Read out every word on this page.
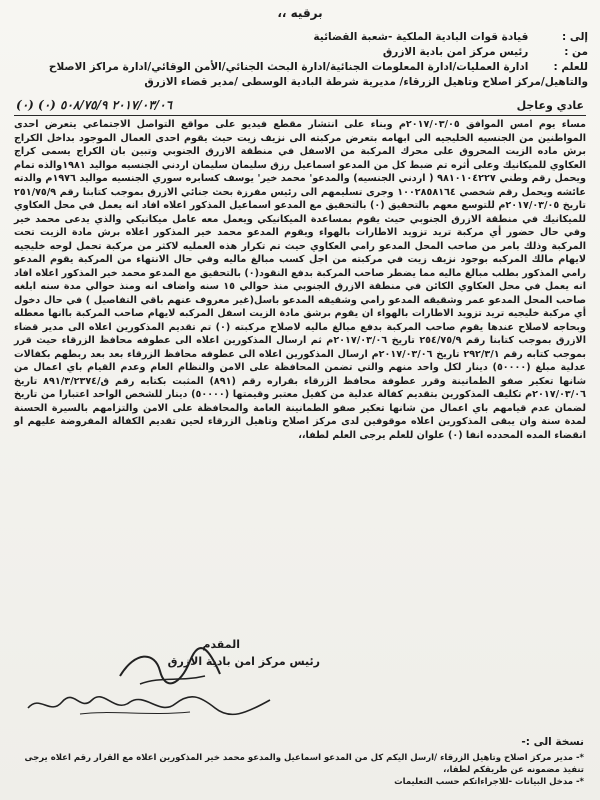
برقيه ،،
إلى : قيادة قوات البادية الملكية -شعبة القضائية
من : رئيس مركز امن بادية الازرق
للعلم : ادارة العمليات/ادارة المعلومات الجنائية/ادارة البحث الجنائي/الأمن الوقائي/ادارة مراكز الاصلاح والتاهيل/مركز اصلاح وتاهيل الزرقاء/ مديرية شرطة البادية الوسطى /مدير قضاء الازرق
عادي وعاجل
(٠) ٢٠١٧/٠٣/٠٦ ٥٠٨/٧٥/٩ (٠)
مساء يوم امس الموافق ٢٠١٧/٠٣/٠٥م وبناء على انتشار مقطع فيديو على مواقع التواصل الاجتماعي يتعرض احدى المواطنين من الجنسيه الخليجيه الى ابهامه بتعرض مركبته الى نزيف زيت حيث يقوم احدى العمال الموجود بداخل الكراج برش ماده الزيت المحروق على محرك المركبة من الاسفل في منطقة الازرق الجنوبي وتبين بان الكراج يسمى كراج العكاوي للميكانيك وعلى أثره تم ضبط كل من المدعو اسماعيل رزق سليمان سليمان اردني الجنسيه مواليد ١٩٨١والذه تمام ويحمل رقم وطني ٩٨١٠١٠٤٢٢٧ ( اردني الجنسيه) والمدعو' محمد خير' يوسف كسابره سوري الجنسيه مواليد ١٩٧٦م والدته عائشه ويحمل رقم شخصي ١٠٠٢٨٥٨١٦٤ وجرى تسليمهم الى رئيس مفرزة بحث جنائي الازرق بموجب كتابنا رقم ٢٥١/٧٥/٩ تاريخ ٢٠١٧/٠٣/٠٥م للتوسع معهم بالتحقيق (٠) بالتحقيق مع المدعو اسماعيل المذكور اعلاه افاد انه يعمل في محل العكاوي للميكانيك في منطقة الازرق الجنوبي حيث يقوم بمساعدة الميكانيكي ويعمل معه عامل ميكانيكي والذي يدعى محمد خير وفي حال حضور أي مركبة تريد تزويد الاطارات بالهواء ويقوم المدعو محمد خير المذكور اعلاه برش مادة الزيت تحت المركبة وذلك بامر من صاحب المحل المدعو رامي العكاوي حيث تم تكرار هذه العمليه لاكثر من مركبة تحمل لوحه خليجيه لايهام مالك المركبه بوجود نزيف زيت في مركبته من اجل كسب مبالغ ماليه وفي حال الانتهاء من المركبة يقوم المدعو رامي المذكور بطلب مبالغ ماليه مما يضطر صاحب المركبة بدفع النقود(٠) بالتحقيق مع المدعو محمد خير المذكور اعلاه افاد انه يعمل في محل العكاوي الكائن في منطقة الازرق الجنوبي منذ حوالي ١٥ سنه واضاف انه ومنذ حوالي مدة سنه ابلغه صاحب المحل المدعو عمر وشقيقه المدعو رامي وشقيقه المدعو باسل(غير معروف عنهم باقي التفاصيل ) في حال دخول أي مركبة خليجيه تريد تزويد الاطارات بالهواء ان يقوم برشق مادة الزيت اسفل المركبه لايهام صاحب المركبة باانها معطله وبحاجه لاصلاح عندها يقوم صاحب المركبة بدفع مبالغ ماليه لاصلاح مركبته (٠) تم تقديم المذكورين اعلاه الى مدير قضاء الازرق بموجب كتابنا رقم ٢٥٤/٧٥/٩ تاريخ ٢٠١٧/٠٣/٠٦م ثم ارسال المذكورين اعلاه الى عطوفه محافظ الزرقاء حيث قرر بموجب كتابه رقم ٢٩٢/٣/١ تاريخ ٢٠١٧/٠٣/٠٦م ارسال المذكورين اعلاه الى عطوفه محافظ الزرقاء بعد بعد ربطهم بكفالات عدلية مبلغ (٥٠٠٠٠) دينار لكل واحد منهم والتي تضمن المحافظة على الامن والنظام العام وعدم القيام باي اعمال من شانها تعكير صفو الطمانينة وقرر عطوفة محافظ الزرقاء بقراره رقم (٨٩١) المثبت بكتابه رقم ق/٨٩١/٣/٢٣٧٤ تاريخ ٢٠١٧/٠٣/٠٦م تكليف المذكورين بتقديم كفالة عدلية من كفيل معتبر وقيمتها (٥٠٠٠٠) دينار للشخص الواحد اعتبارا من تاريخ لضمان عدم قيامهم باي اعمال من شانها تعكير صفو الطمانينة العامة والمحافظة على الامن والتزامهم بالسيرة الحسنة لمدة سنة وان يبقى المذكورين اعلاه موقوفين لدى مركز اصلاح وتاهيل الزرقاء لحين تقديم الكفالة المفروضة عليهم او انقضاء المده المحدده انفا (٠) علوان للعلم يرجى العلم لطفا،،
المقدم
رئيس مركز امن بادية الازرق
نسخة الى :-
*- مدير مركز اصلاح وتاهيل الزرقاء /ارسل اليكم كل من المدعو اسماعيل والمدعو محمد خير المذكورين اعلاه مع القرار رقم اعلاه يرجى تنفيذ مضمونه عن طريقكم لطفا،،
*- مدخل البيانات -للاجراءاتكم حسب التعليمات
